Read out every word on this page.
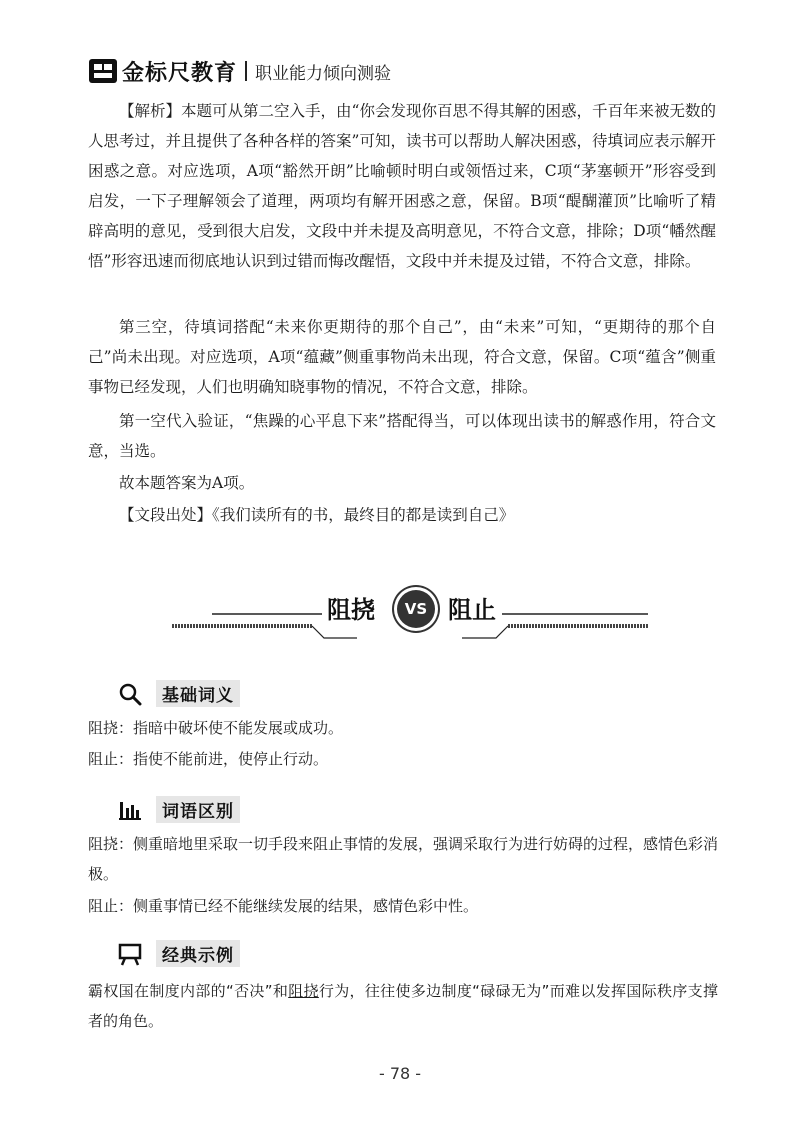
金标尺教育 职业能力倾向测验
【解析】本题可从第二空入手，由“你会发现你百思不得其解的困惑，千百年来被无数的人思考过，并且提供了各种各样的答案”可知，读书可以帮助人解决困惑，待填词应表示解开困惑之意。对应选项，A项“豁然开朗”比喻顿时明白或领悟过来，C项“茅塞顿开”形容受到启发，一下子理解领会了道理，两项均有解开困惑之意，保留。B项“醍醐灌顶”比喻听了精辟高明的意见，受到很大启发，文段中并未提及高明意见，不符合文意，排除；D项“幡然醒悟”形容迅速而彻底地认识到过错而悔改醒悟，文段中并未提及过错，不符合文意，排除。
第三空，待填词搭配“未来你更期待的那个自己”，由“未来”可知，“更期待的那个自己”尚未出现。对应选项，A项“蕴藏”侧重事物尚未出现，符合文意，保留。C项“蕴含”侧重事物已经发现，人们也明确知晓事物的情况，不符合文意，排除。
第一空代入验证，“焦躁的心平息下来”搭配得当，可以体现出读书的解惑作用，符合文意，当选。
故本题答案为A项。
【文段出处】《我们读所有的书，最终目的都是读到自己》
阻挠	VS 阻止
基础词义
阻挠：指暗中破坏使不能发展或成功。
阻止：指使不能前进，使停止行动。
词语区别
阻挠：侧重暗地里采取一切手段来阻止事情的发展，强调采取行为进行妨碍的过程，感情色彩消极。
阻止：侧重事情已经不能继续发展的结果，感情色彩中性。
经典示例
霸权国在制度内部的“否决”和阻挠行为，往往使多边制度“碌碌无为”而难以发挥国际秩序支撑者的角色。
- 78 -
